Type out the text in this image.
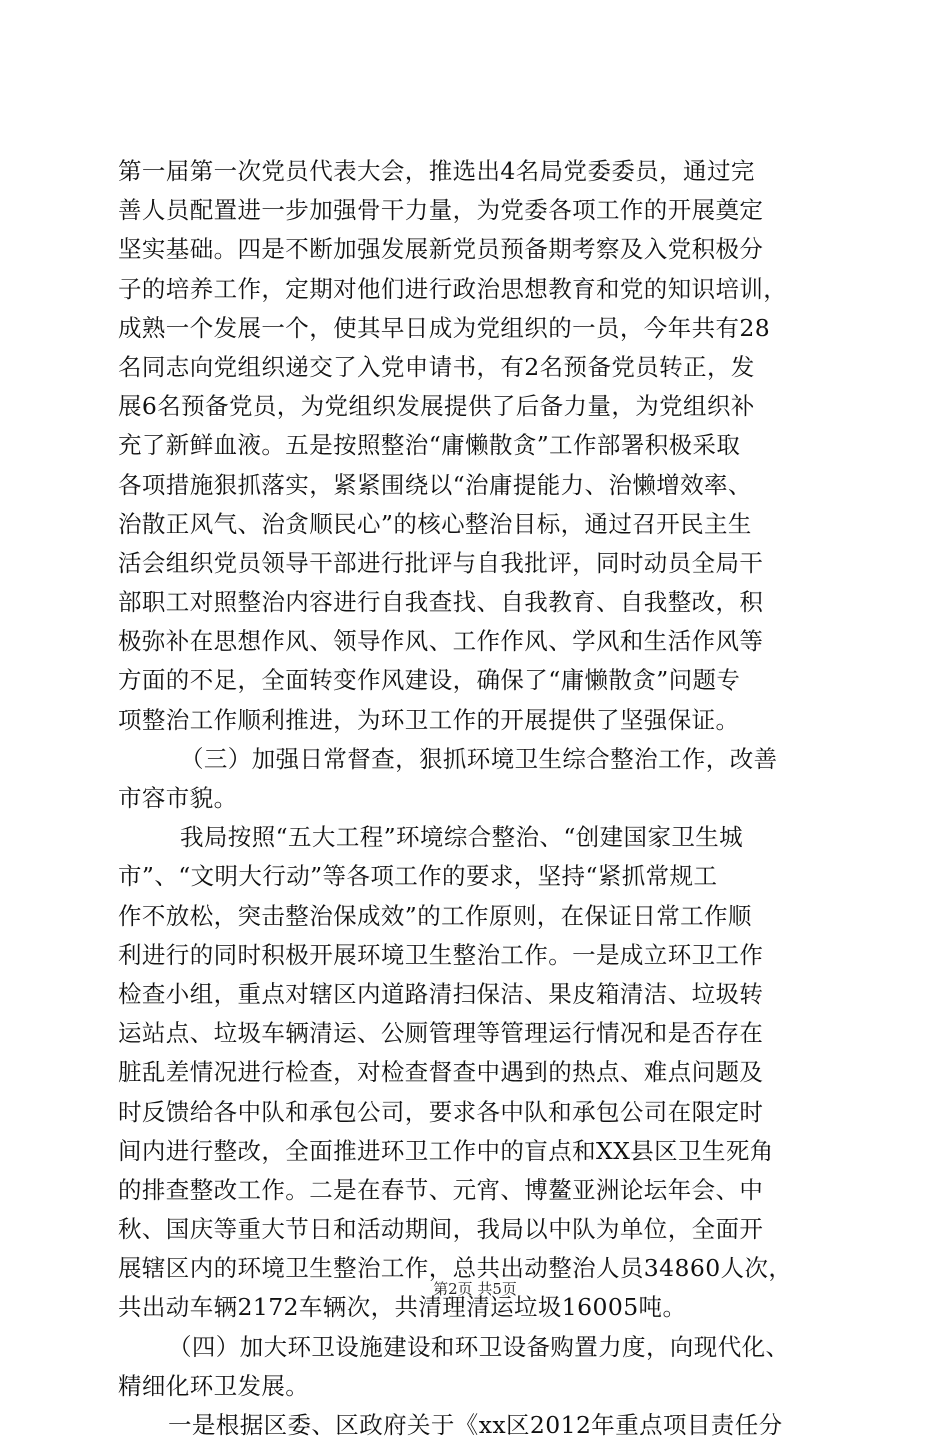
第一届第一次党员代表大会，推选出4名局党委委员，通过完
善人员配置进一步加强骨干力量，为党委各项工作的开展奠定
坚实基础。四是不断加强发展新党员预备期考察及入党积极分
子的培养工作，定期对他们进行政治思想教育和党的知识培训，
成熟一个发展一个，使其早日成为党组织的一员，今年共有28
名同志向党组织递交了入党申请书，有2名预备党员转正，发
展6名预备党员，为党组织发展提供了后备力量，为党组织补
充了新鲜血液。五是按照整治“庸懒散贪”工作部署积极采取
各项措施狠抓落实，紧紧围绕以“治庸提能力、治懒增效率、
治散正风气、治贪顺民心”的核心整治目标，通过召开民主生
活会组织党员领导干部进行批评与自我批评，同时动员全局干
部职工对照整治内容进行自我查找、自我教育、自我整改，积
极弥补在思想作风、领导作风、工作作风、学风和生活作风等
方面的不足，全面转变作风建设，确保了“庸懒散贪”问题专
项整治工作顺利推进，为环卫工作的开展提供了坚强保证。
（三）加强日常督查，狠抓环境卫生综合整治工作，改善
市容市貌。
我局按照“五大工程”环境综合整治、“创建国家卫生城
市”、“文明大行动”等各项工作的要求，坚持“紧抓常规工
作不放松，突击整治保成效”的工作原则，在保证日常工作顺
利进行的同时积极开展环境卫生整治工作。一是成立环卫工作
检查小组，重点对辖区内道路清扫保洁、果皮箱清洁、垃圾转
运站点、垃圾车辆清运、公厕管理等管理运行情况和是否存在
脏乱差情况进行检查，对检查督查中遇到的热点、难点问题及
时反馈给各中队和承包公司，要求各中队和承包公司在限定时
间内进行整改，全面推进环卫工作中的盲点和XX县区卫生死角
的排查整改工作。二是在春节、元宵、博鳌亚洲论坛年会、中
秋、国庆等重大节日和活动期间，我局以中队为单位，全面开
展辖区内的环境卫生整治工作，总共出动整治人员34860人次，
共出动车辆2172车辆次，共清理清运垃圾16005吨。
（四）加大环卫设施建设和环卫设备购置力度，向现代化、
精细化环卫发展。
一是根据区委、区政府关于《xx区2012年重点项目责任分
第2页 共5页
